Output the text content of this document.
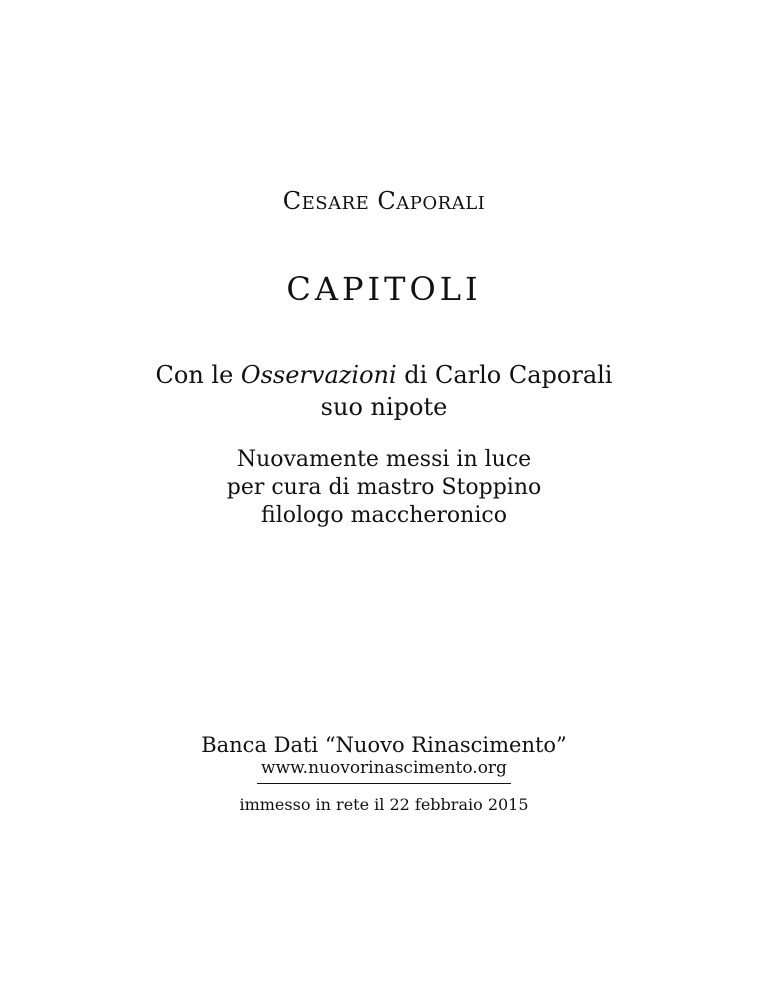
CESARE CAPORALI
CAPITOLI
Con le Osservazioni di Carlo Caporali
suo nipote
Nuovamente messi in luce
per cura di mastro Stoppino
filologo maccheronico
Banca Dati “Nuovo Rinascimento”
www.nuovorinascimento.org
immesso in rete il 22 febbraio 2015
